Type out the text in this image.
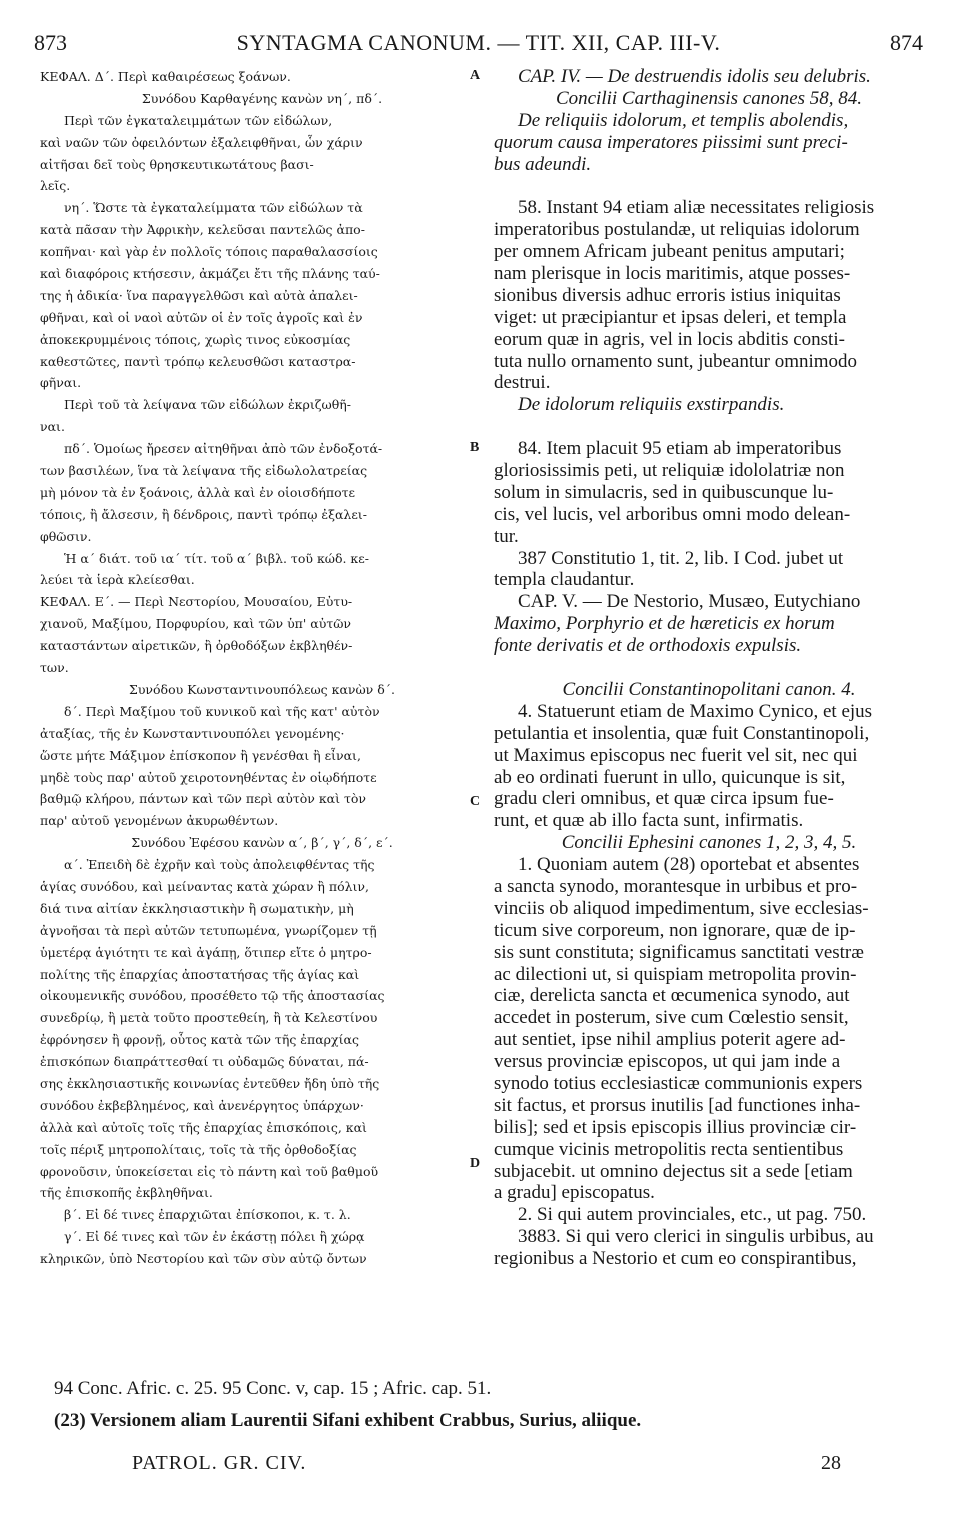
873	SYNTAGMA CANONUM. — TIT. XII, CAP. III-V.	874
ΚΕΦΑΛ. Δ΄. Περὶ καθαιρέσεως ξοάνων.
Συνόδου Καρθαγένης κανὼν νη΄, πδ΄.
Περὶ τῶν ἐγκαταλειμμάτων τῶν εἰδώλων,
καὶ ναῶν τῶν ὀφειλόντων ἐξαλειφθῆναι, ὧν χάριν
αἰτῆσαι δεῖ τοὺς θρησκευτικωτάτους βασι-
λεῖς.
νη΄. Ὥστε τὰ ἐγκαταλείμματα τῶν εἰδώλων τὰ
κατὰ πᾶσαν τὴν Ἀφρικὴν, κελεῦσαι παντελῶς ἀπο-
κοπῆναι· καὶ γὰρ ἐν πολλοῖς τόποις παραθαλασσίοις
καὶ διαφόροις κτήσεσιν, ἀκμάζει ἔτι τῆς πλάνης ταύ-
της ἡ ἀδικία· ἵνα παραγγελθῶσι καὶ αὐτὰ ἀπαλει-
φθῆναι, καὶ οἱ ναοὶ αὐτῶν οἱ ἐν τοῖς ἀγροῖς καὶ ἐν
ἀποκεκρυμμένοις τόποις, χωρὶς τινος εὐκοσμίας
καθεστῶτες, παντὶ τρόπῳ κελευσθῶσι καταστρα-
φῆναι.
Περὶ τοῦ τὰ λείψανα τῶν εἰδώλων ἐκριζωθῆ-
ναι.
πδ΄. Ὁμοίως ἤρεσεν αἰτηθῆναι ἀπὸ τῶν ἐνδοξοτά-
των βασιλέων, ἵνα τὰ λείψανα τῆς εἰδωλολατρείας
μὴ μόνον τὰ ἐν ξοάνοις, ἀλλὰ καὶ ἐν οἱοισδήποτε
τόποις, ἢ ἄλσεσιν, ἢ δένδροις, παντὶ τρόπῳ ἐξαλει-
φθῶσιν.
Ἡ α΄ διάτ. τοῦ ια΄ τίτ. τοῦ α΄ βιβλ. τοῦ κώδ. κε-
λεύει τὰ ἱερὰ κλείεσθαι.
ΚΕΦΑΛ. Ε΄. — Περὶ Νεστορίου, Μουσαίου, Εὐτυ-
χιανοῦ, Μαξίμου, Πορφυρίου, καὶ τῶν ὑπ' αὐτῶν
καταστάντων αἱρετικῶν, ἢ ὀρθοδόξων ἐκβληθέν-
των.
Συνόδου Κωνσταντινουπόλεως κανὼν δ΄.
δ΄. Περὶ Μαξίμου τοῦ κυνικοῦ καὶ τῆς κατ' αὐτὸν
ἀταξίας, τῆς ἐν Κωνσταντινουπόλει γενομένης·
ὥστε μήτε Μάξιμον ἐπίσκοπον ἢ γενέσθαι ἢ εἶναι,
μηδὲ τοὺς παρ' αὐτοῦ χειροτονηθέντας ἐν οἱῳδήποτε
βαθμῷ κλήρου, πάντων καὶ τῶν περὶ αὐτὸν καὶ τὸν
παρ' αὐτοῦ γενομένων ἀκυρωθέντων.
Συνόδου Ἐφέσου κανὼν α΄, β΄, γ΄, δ΄, ε΄.
α΄. Ἐπειδὴ δὲ ἐχρῆν καὶ τοὺς ἀπολειφθέντας τῆς
ἁγίας συνόδου, καὶ μείναντας κατὰ χώραν ἢ πόλιν,
διά τινα αἰτίαν ἐκκλησιαστικὴν ἢ σωματικὴν, μὴ
ἀγνοῆσαι τὰ περὶ αὐτῶν τετυπωμένα, γνωρίζομεν τῇ
ὑμετέρᾳ ἁγιότητι τε καὶ ἀγάπῃ, ὅτιπερ εἴτε ὁ μητρο-
πολίτης τῆς ἐπαρχίας ἀποστατήσας τῆς ἁγίας καὶ
οἰκουμενικῆς συνόδου, προσέθετο τῷ τῆς ἀποστασίας
συνεδρίῳ, ἢ μετὰ τοῦτο προστεθείη, ἢ τὰ Κελεστίνου
ἐφρόνησεν ἢ φρονῇ, οὗτος κατὰ τῶν τῆς ἐπαρχίας
ἐπισκόπων διαπράττεσθαί τι οὐδαμῶς δύναται, πά-
σης ἐκκλησιαστικῆς κοινωνίας ἐντεῦθεν ἤδη ὑπὸ τῆς
συνόδου ἐκβεβλημένος, καὶ ἀνενέργητος ὑπάρχων·
ἀλλὰ καὶ αὐτοῖς τοῖς τῆς ἐπαρχίας ἐπισκόποις, καὶ
τοῖς πέριξ μητροπολίταις, τοῖς τὰ τῆς ὀρθοδοξίας
φρονοῦσιν, ὑποκείσεται εἰς τὸ πάντη καὶ τοῦ βαθμοῦ
τῆς ἐπισκοπῆς ἐκβληθῆναι.
β΄. Εἰ δέ τινες ἐπαρχιῶται ἐπίσκοποι, κ. τ. λ.
γ΄. Εἰ δέ τινες καὶ τῶν ἐν ἑκάστῃ πόλει ἢ χώρᾳ
κληρικῶν, ὑπὸ Νεστορίου καὶ τῶν σὺν αὐτῷ ὄντων
CAP. IV. — De destruendis idolis seu delubris.
Concilii Carthaginensis canones 58, 84.
De reliquiis idolorum, et templis abolendis,
quorum causa imperatores piissimi sunt preci-
bus adeundi.
58. Instant 94 etiam aliæ necessitates religiosis
imperatoribus postulandæ, ut reliquias idolorum
per omnem Africam jubeant penitus amputari;
nam plerisque in locis maritimis, atque posses-
sionibus diversis adhuc erroris istius iniquitas
viget: ut præcipiantur et ipsas deleri, et templa
eorum quæ in agris, vel in locis abditis consti-
tuta nullo ornamento sunt, jubeantur omnimodo
destrui.
De idolorum reliquiis exstirpandis.
84. Item placuit 95 etiam ab imperatoribus
gloriosissimis peti, ut reliquiæ idololatriæ non
solum in simulacris, sed in quibuscunque lu-
cis, vel lucis, vel arboribus omni modo delean-
tur.
387 Constitutio 1, tit. 2, lib. I Cod. jubet ut
templa claudantur.
CAP. V. — De Nestorio, Musæo, Eutychiano
Maximo, Porphyrio et de hæreticis ex horum
fonte derivatis et de orthodoxis expulsis.
Concilii Constantinopolitani canon. 4.
4. Statuerunt etiam de Maximo Cynico, et ejus
petulantia et insolentia, quæ fuit Constantinopoli,
ut Maximus episcopus nec fuerit vel sit, nec qui
ab eo ordinati fuerunt in ullo, quicunque is sit,
gradu cleri omnibus, et quæ circa ipsum fue-
runt, et quæ ab illo facta sunt, infirmatis.
Concilii Ephesini canones 1, 2, 3, 4, 5.
1. Quoniam autem (28) oportebat et absentes
a sancta synodo, morantesque in urbibus et pro-
vinciis ob aliquod impedimentum, sive ecclesias-
ticum sive corporeum, non ignorare, quæ de ip-
sis sunt constituta; significamus sanctitati vestræ
ac dilectioni ut, si quispiam metropolita provin-
ciæ, derelicta sancta et œcumenica synodo, aut
accedet in posterum, sive cum Cœlestio sensit,
aut sentiet, ipse nihil amplius poterit agere ad-
versus provinciæ episcopos, ut qui jam inde a
synodo totius ecclesiasticæ communionis expers
sit factus, et prorsus inutilis [ad functiones inha-
bilis]; sed et ipsis episcopis illius provinciæ cir-
cumque vicinis metropolitis recta sentientibus
subjacebit. ut omnino dejectus sit a sede [etiam
a gradu] episcopatus.
2. Si qui autem provinciales, etc., ut pag. 750.
3883. Si qui vero clerici in singulis urbibus, au
regionibus a Nestorio et cum eo conspirantibus,
A
B
C
D
94 Conc. Afric. c. 25. 95 Conc. v, cap. 15 ; Afric. cap. 51.
(23) Versionem aliam Laurentii Sifani exhibent Crabbus, Surius, aliique.
PATROL. GR. CIV.	28
